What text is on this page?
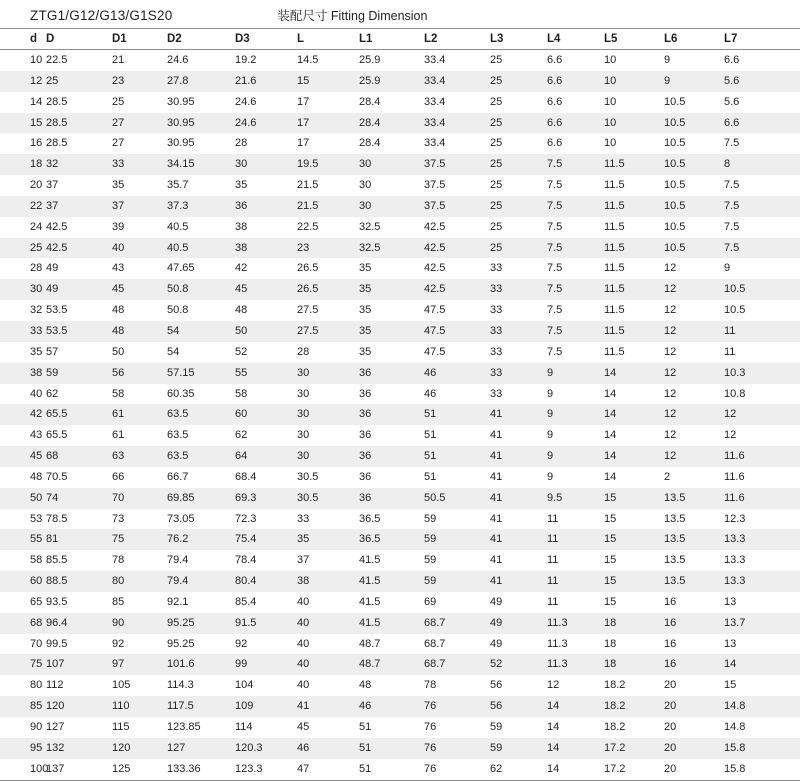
ZTG1/G12/G13/G1S20	装配尺寸 Fitting Dimension
d	D	D1	D2	D3	L	L1	L2	L3	L4	L5	L6	L7
10	22.5	21	24.6	19.2	14.5	25.9	33.4	25	6.6	10	9	6.6
12	25	23	27.8	21.6	15	25.9	33.4	25	6.6	10	9	5.6
14	28.5	25	30.95	24.6	17	28.4	33.4	25	6.6	10	10.5	5.6
15	28.5	27	30.95	24.6	17	28.4	33.4	25	6.6	10	10.5	6.6
16	28.5	27	30.95	28	17	28.4	33.4	25	6.6	10	10.5	7.5
18	32	33	34.15	30	19.5	30	37.5	25	7.5	11.5	10.5	8
20	37	35	35.7	35	21.5	30	37.5	25	7.5	11.5	10.5	7.5
22	37	37	37.3	36	21.5	30	37.5	25	7.5	11.5	10.5	7.5
24	42.5	39	40.5	38	22.5	32.5	42.5	25	7.5	11.5	10.5	7.5
25	42.5	40	40.5	38	23	32.5	42.5	25	7.5	11.5	10.5	7.5
28	49	43	47.65	42	26.5	35	42.5	33	7.5	11.5	12	9
30	49	45	50.8	45	26.5	35	42.5	33	7.5	11.5	12	10.5
32	53.5	48	50.8	48	27.5	35	47.5	33	7.5	11.5	12	10.5
33	53.5	48	54	50	27.5	35	47.5	33	7.5	11.5	12	11
35	57	50	54	52	28	35	47.5	33	7.5	11.5	12	11
38	59	56	57.15	55	30	36	46	33	9	14	12	10.3
40	62	58	60.35	58	30	36	46	33	9	14	12	10.8
42	65.5	61	63.5	60	30	36	51	41	9	14	12	12
43	65.5	61	63.5	62	30	36	51	41	9	14	12	12
45	68	63	63.5	64	30	36	51	41	9	14	12	11.6
48	70.5	66	66.7	68.4	30.5	36	51	41	9	14	2	11.6
50	74	70	69.85	69.3	30.5	36	50.5	41	9.5	15	13.5	11.6
53	78.5	73	73.05	72.3	33	36.5	59	41	11	15	13.5	12.3
55	81	75	76.2	75.4	35	36.5	59	41	11	15	13.5	13.3
58	85.5	78	79.4	78.4	37	41.5	59	41	11	15	13.5	13.3
60	88.5	80	79.4	80.4	38	41.5	59	41	11	15	13.5	13.3
65	93.5	85	92.1	85.4	40	41.5	69	49	11	15	16	13
68	96.4	90	95.25	91.5	40	41.5	68.7	49	11.3	18	16	13.7
70	99.5	92	95.25	92	40	48.7	68.7	49	11.3	18	16	13
75	107	97	101.6	99	40	48.7	68.7	52	11.3	18	16	14
80	112	105	114.3	104	40	48	78	56	12	18.2	20	15
85	120	110	117.5	109	41	46	76	56	14	18.2	20	14.8
90	127	115	123.85	114	45	51	76	59	14	18.2	20	14.8
95	132	120	127	120.3	46	51	76	59	14	17.2	20	15.8
100	137	125	133.36	123.3	47	51	76	62	14	17.2	20	15.8
